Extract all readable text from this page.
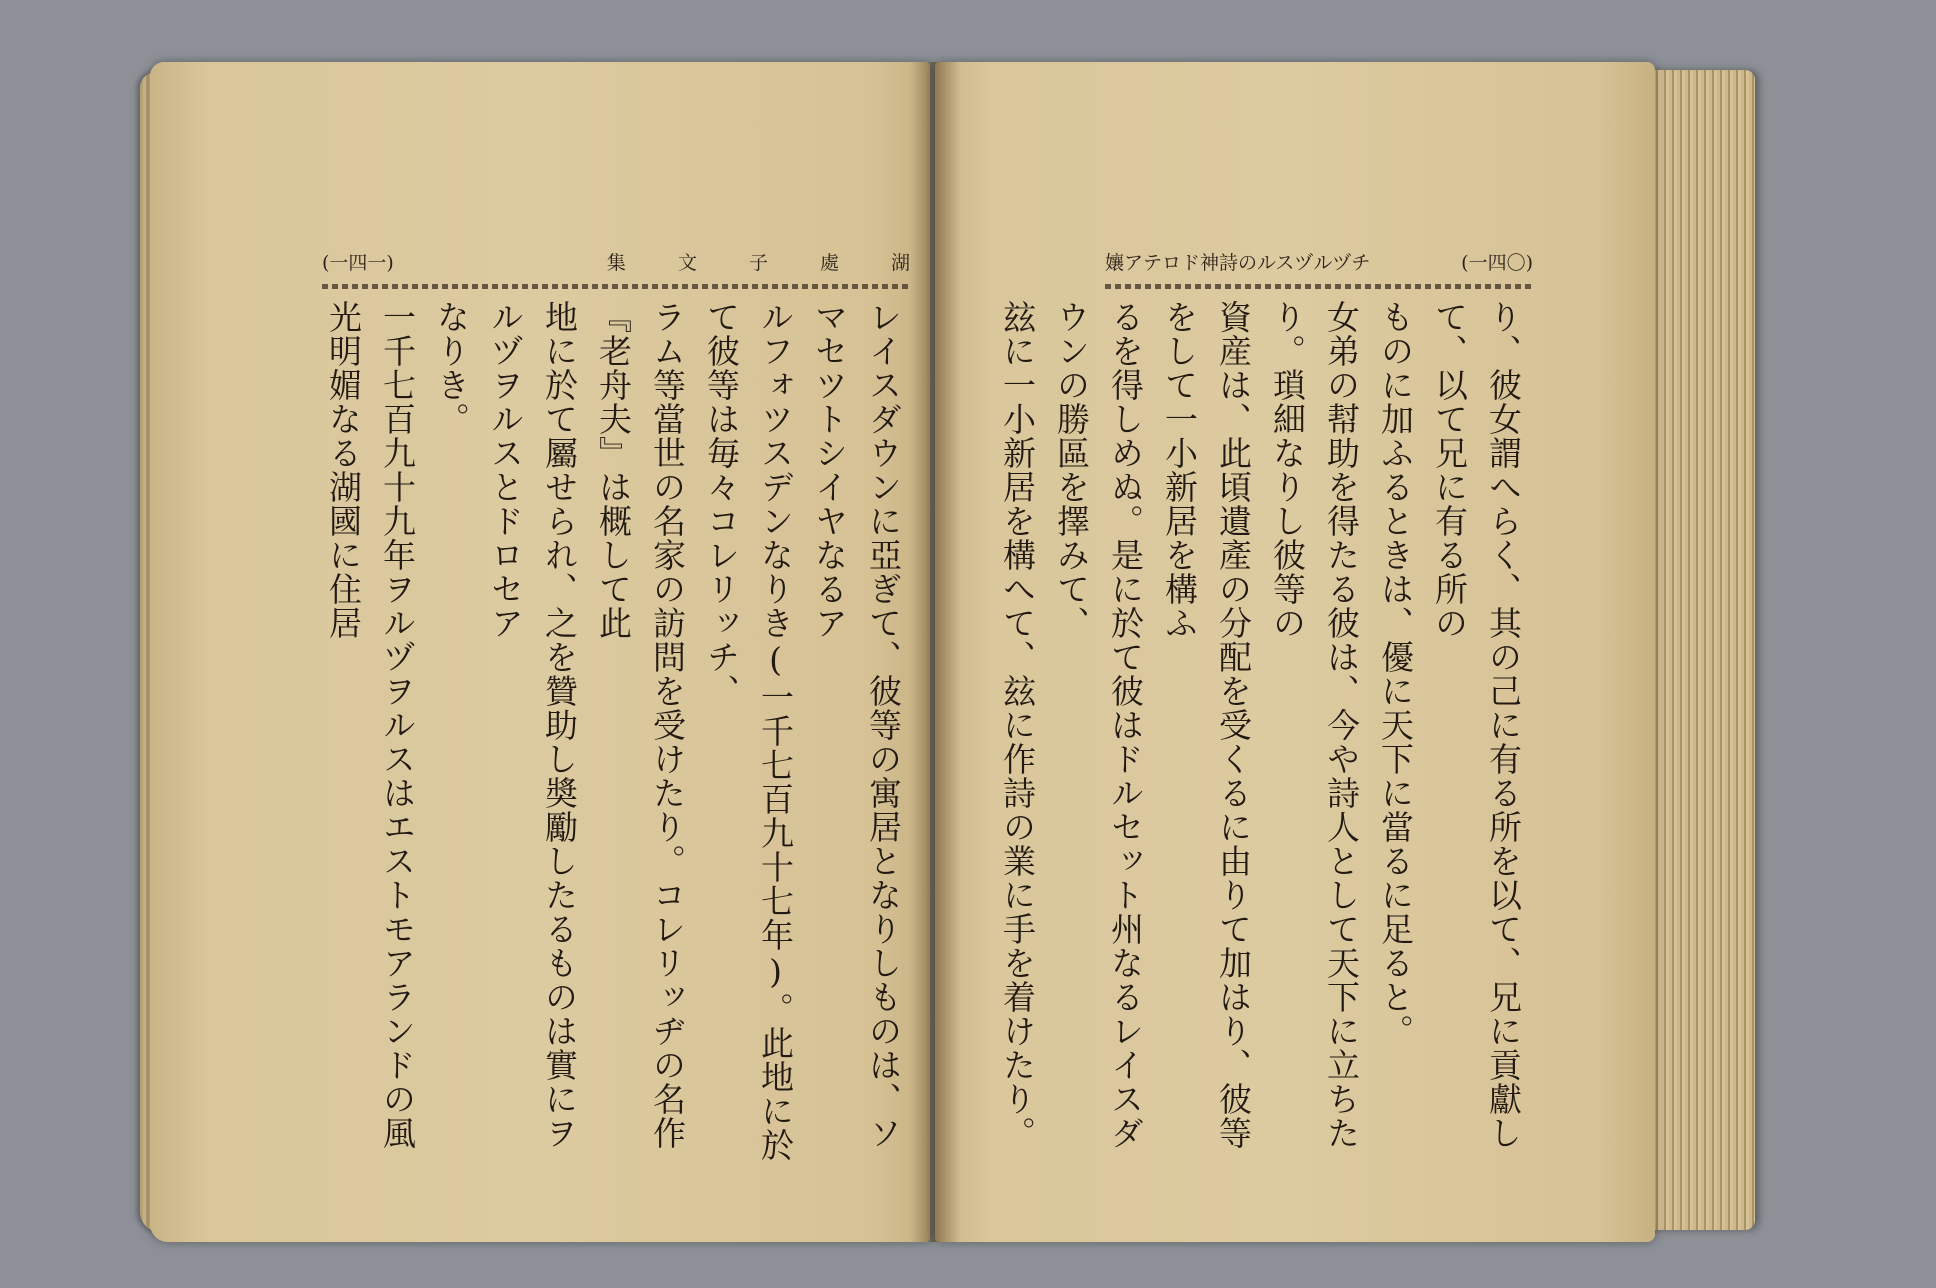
(一四一)	集	文	子	處	湖	チヅルヅスルの詩神ドロテア孃	(一四〇)
レイスダウンに亞ぎて、彼等の寓居となりしものは、ソマセツトシイヤなるア
ルフォツスデンなりき(一千七百九十七年)。此地に於て彼等は毎々コレリッチ、
ラム等當世の名家の訪問を受けたり。コレリッヂの名作『老舟夫』は概して此
地に於て屬せられ、之を贊助し奬勵したるものは實にヲルヅヲルスとドロセア
なりき。
一千七百九十九年ヲルヅヲルスはエストモアランドの風光明媚なる湖國に住居	り、彼女謂へらく、其の己に有る所を以て、兄に貢獻して、以て兄に有る所の
ものに加ふるときは、優に天下に當るに足ると。
女弟の幇助を得たる彼は、今や詩人として天下に立ちたり。瑣細なりし彼等の
資産は、此頃遺產の分配を受くるに由りて加はり、彼等をして一小新居を構ふ
るを得しめぬ。是に於て彼はドルセット州なるレイスダウンの勝區を擇みて、
玆に一小新居を構へて、玆に作詩の業に手を着けたり。
